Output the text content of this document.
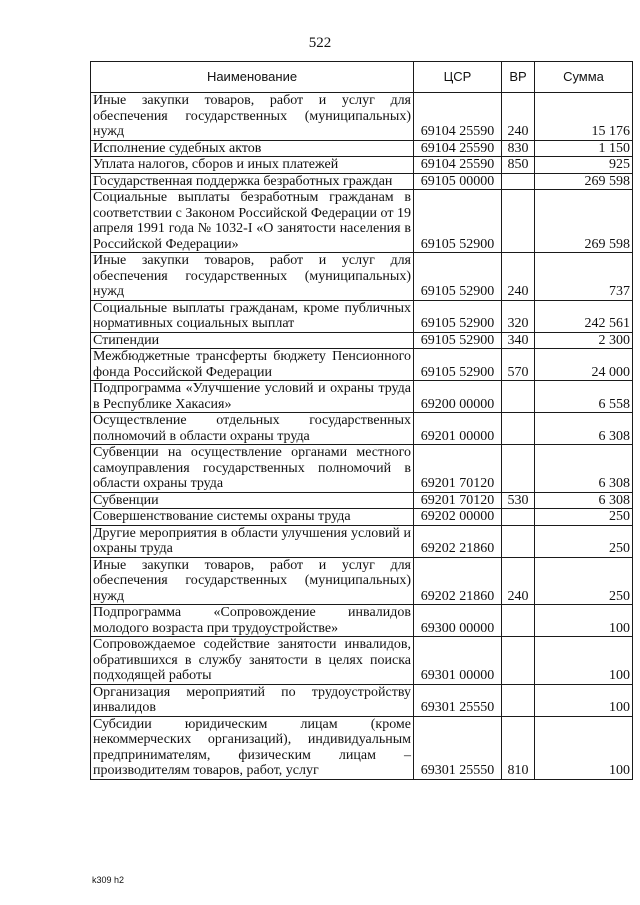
522
Наименование	ЦСР	ВР	Сумма
Иные закупки товаров, работ и услуг для обеспечения государственных (муниципальных) нужд	69104 25590	240	15 176
Исполнение судебных актов	69104 25590	830	1 150
Уплата налогов, сборов и иных платежей	69104 25590	850	925
Государственная поддержка безработных граждан	69105 00000		269 598
Социальные выплаты безработным гражданам в соответствии с Законом Российской Федерации от 19 апреля 1991 года № 1032-I «О занятости населения в Российской Федерации»	69105 52900		269 598
Иные закупки товаров, работ и услуг для обеспечения государственных (муниципальных) нужд	69105 52900	240	737
Социальные выплаты гражданам, кроме публичных нормативных социальных выплат	69105 52900	320	242 561
Стипендии	69105 52900	340	2 300
Межбюджетные трансферты бюджету Пенсионного фонда Российской Федерации	69105 52900	570	24 000
Подпрограмма «Улучшение условий и охраны труда в Республике Хакасия»	69200 00000		6 558
Осуществление отдельных государственных полномочий в области охраны труда	69201 00000		6 308
Субвенции на осуществление органами местного самоуправления государственных полномочий в области охраны труда	69201 70120		6 308
Субвенции	69201 70120	530	6 308
Совершенствование системы охраны труда	69202 00000		250
Другие мероприятия в области улучшения условий и охраны труда	69202 21860		250
Иные закупки товаров, работ и услуг для обеспечения государственных (муниципальных) нужд	69202 21860	240	250
Подпрограмма «Сопровождение инвалидов молодого возраста при трудоустройстве»	69300 00000		100
Сопровождаемое содействие занятости инвалидов, обратившихся в службу занятости в целях поиска подходящей работы	69301 00000		100
Организация мероприятий по трудоустройству инвалидов	69301 25550		100
Субсидии юридическим лицам (кроме некоммерческих организаций), индивидуальным предпринимателям, физическим лицам – производителям товаров, работ, услуг	69301 25550	810	100
k309 h2
